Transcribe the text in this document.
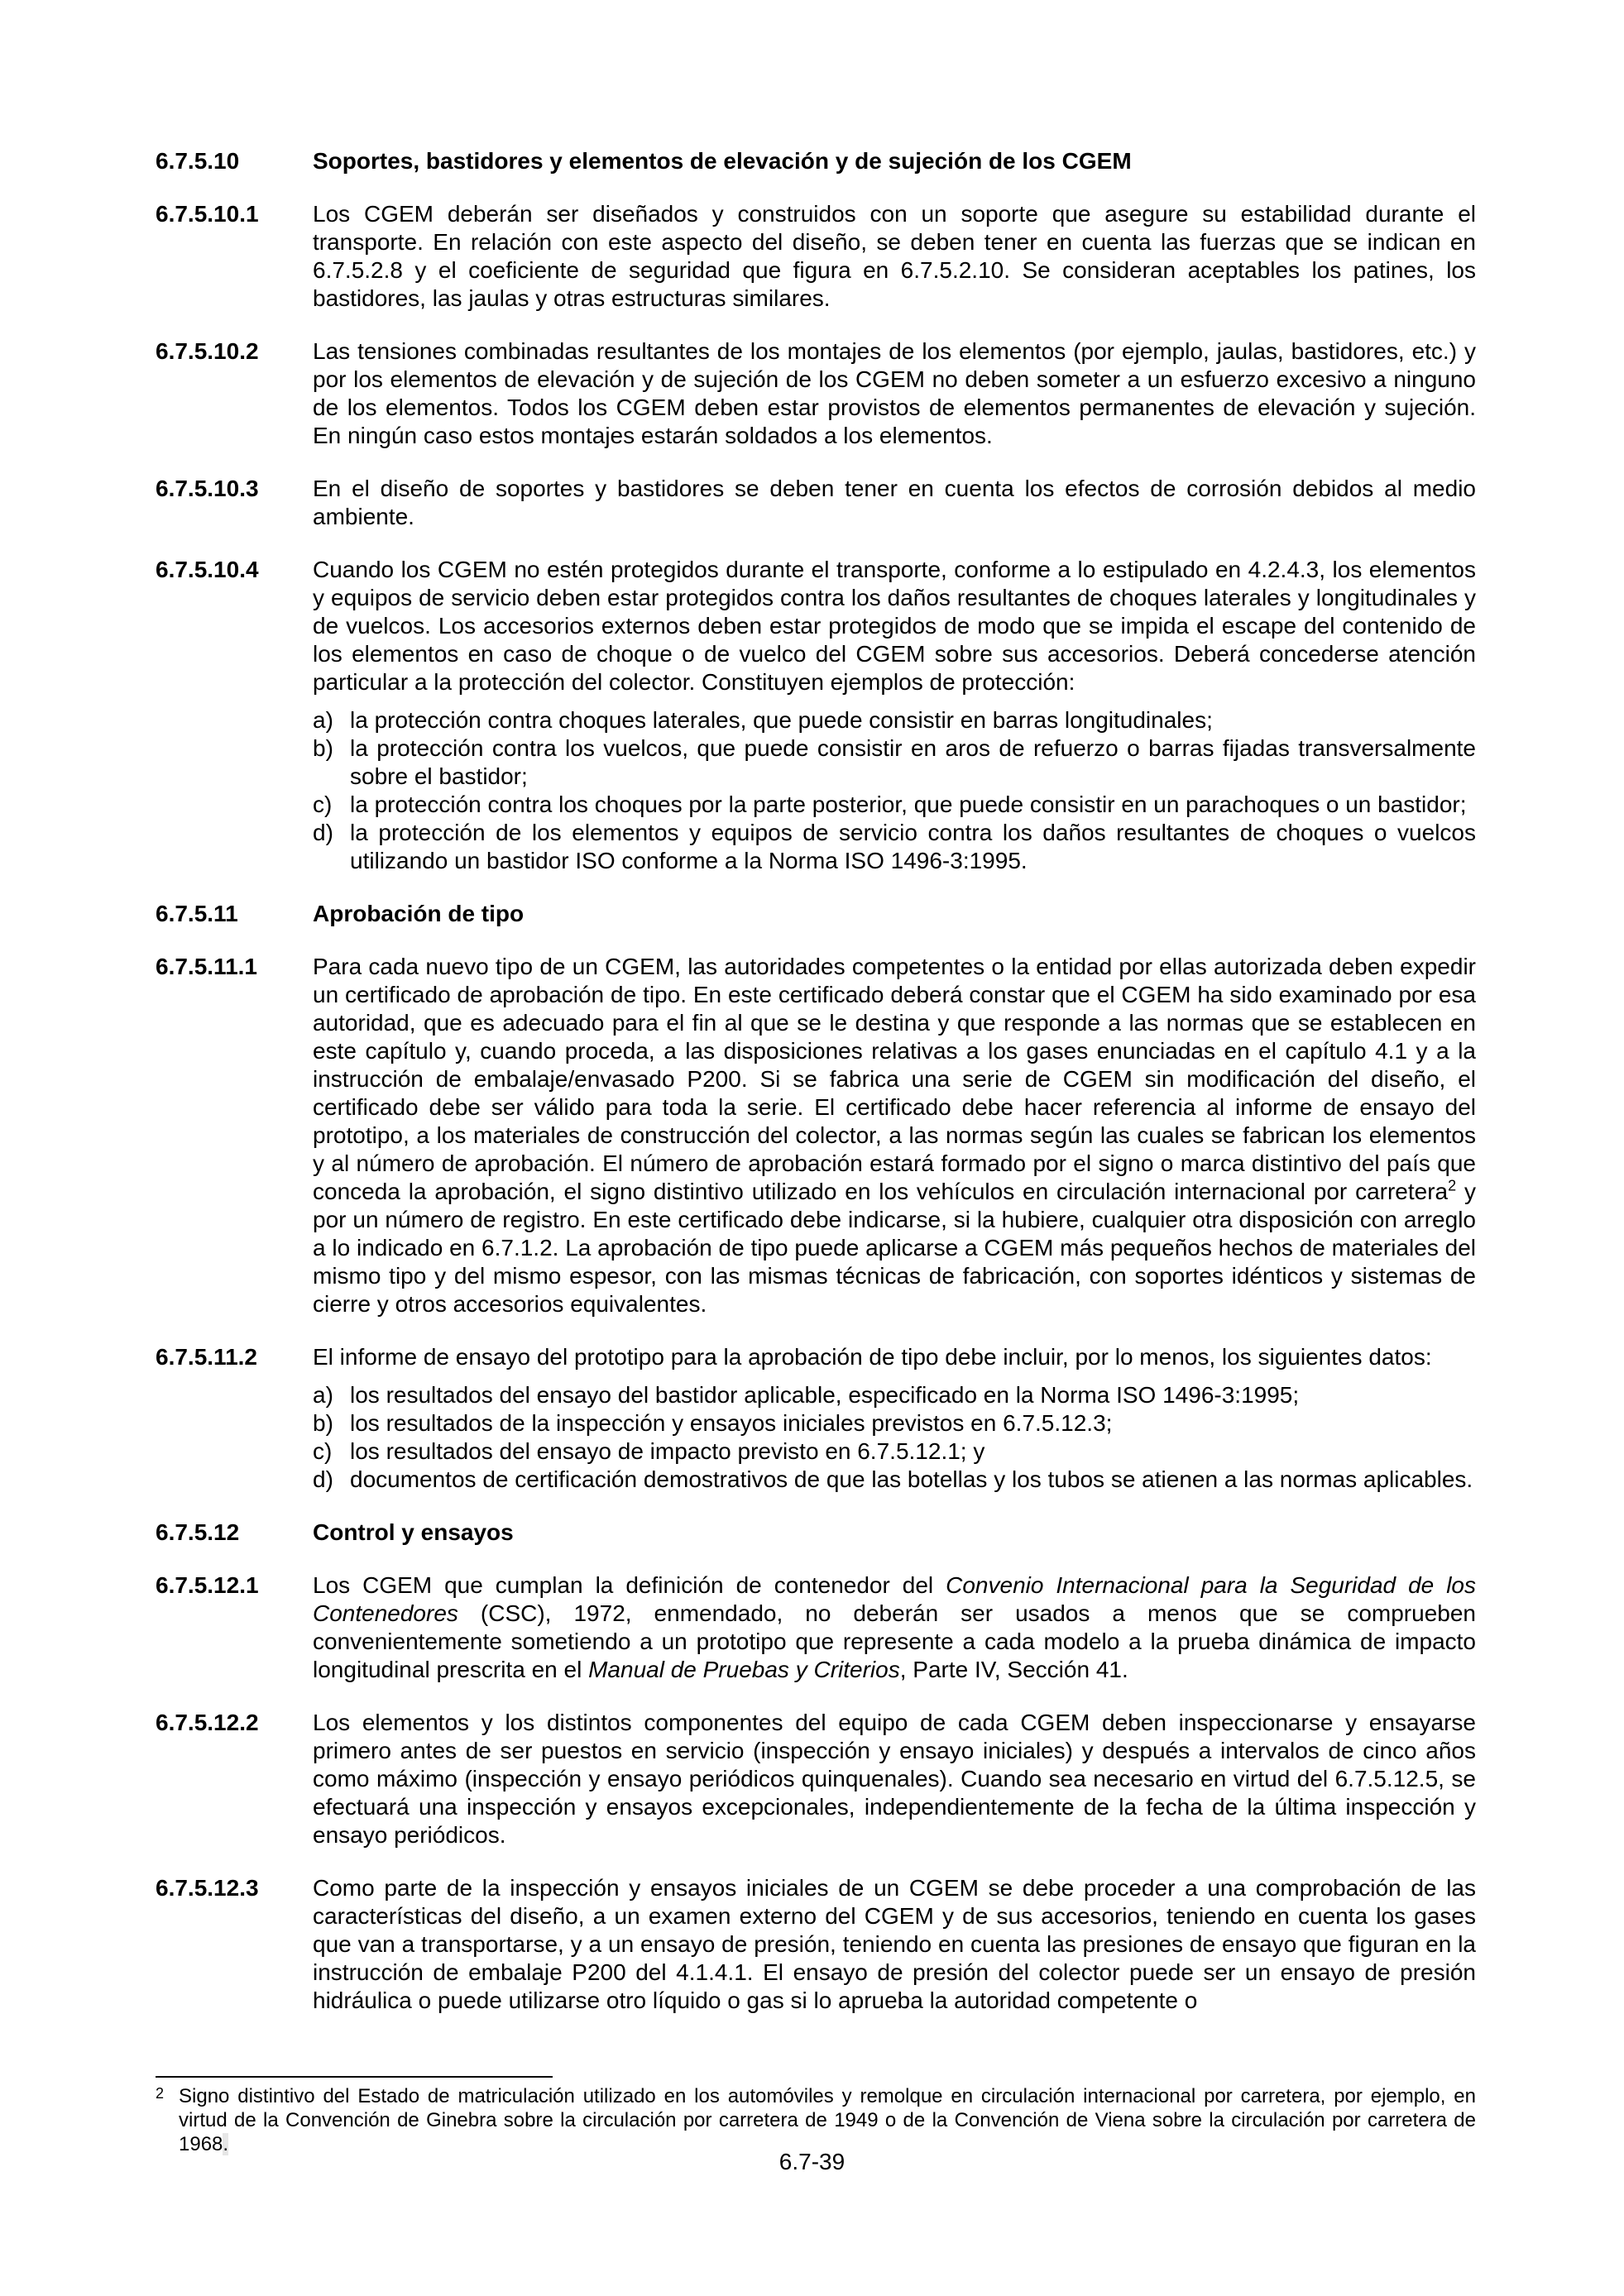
6.7.5.10	Soportes, bastidores y elementos de elevación y de sujeción de los CGEM
6.7.5.10.1	Los CGEM deberán ser diseñados y construidos con un soporte que asegure su estabilidad durante el transporte. En relación con este aspecto del diseño, se deben tener en cuenta las fuerzas que se indican en 6.7.5.2.8 y el coeficiente de seguridad que figura en 6.7.5.2.10. Se consideran aceptables los patines, los bastidores, las jaulas y otras estructuras similares.
6.7.5.10.2	Las tensiones combinadas resultantes de los montajes de los elementos (por ejemplo, jaulas, bastidores, etc.) y por los elementos de elevación y de sujeción de los CGEM no deben someter a un esfuerzo excesivo a ninguno de los elementos. Todos los CGEM deben estar provistos de elementos permanentes de elevación y sujeción. En ningún caso estos montajes estarán soldados a los elementos.
6.7.5.10.3	En el diseño de soportes y bastidores se deben tener en cuenta los efectos de corrosión debidos al medio ambiente.
6.7.5.10.4	Cuando los CGEM no estén protegidos durante el transporte, conforme a lo estipulado en 4.2.4.3, los elementos y equipos de servicio deben estar protegidos contra los daños resultantes de choques laterales y longitudinales y de vuelcos. Los accesorios externos deben estar protegidos de modo que se impida el escape del contenido de los elementos en caso de choque o de vuelco del CGEM sobre sus accesorios. Deberá concederse atención particular a la protección del colector. Constituyen ejemplos de protección:
a) la protección contra choques laterales, que puede consistir en barras longitudinales;
b) la protección contra los vuelcos, que puede consistir en aros de refuerzo o barras fijadas transversalmente sobre el bastidor;
c) la protección contra los choques por la parte posterior, que puede consistir en un parachoques o un bastidor;
d) la protección de los elementos y equipos de servicio contra los daños resultantes de choques o vuelcos utilizando un bastidor ISO conforme a la Norma ISO 1496-3:1995.
6.7.5.11	Aprobación de tipo
6.7.5.11.1	Para cada nuevo tipo de un CGEM, las autoridades competentes o la entidad por ellas autorizada deben expedir un certificado de aprobación de tipo. En este certificado deberá constar que el CGEM ha sido examinado por esa autoridad, que es adecuado para el fin al que se le destina y que responde a las normas que se establecen en este capítulo y, cuando proceda, a las disposiciones relativas a los gases enunciadas en el capítulo 4.1 y a la instrucción de embalaje/envasado P200. Si se fabrica una serie de CGEM sin modificación del diseño, el certificado debe ser válido para toda la serie. El certificado debe hacer referencia al informe de ensayo del prototipo, a los materiales de construcción del colector, a las normas según las cuales se fabrican los elementos y al número de aprobación. El número de aprobación estará formado por el signo o marca distintivo del país que conceda la aprobación, el signo distintivo utilizado en los vehículos en circulación internacional por carretera$^2$ y por un número de registro. En este certificado debe indicarse, si la hubiere, cualquier otra disposición con arreglo a lo indicado en 6.7.1.2. La aprobación de tipo puede aplicarse a CGEM más pequeños hechos de materiales del mismo tipo y del mismo espesor, con las mismas técnicas de fabricación, con soportes idénticos y sistemas de cierre y otros accesorios equivalentes.
6.7.5.11.2	El informe de ensayo del prototipo para la aprobación de tipo debe incluir, por lo menos, los siguientes datos:
a) los resultados del ensayo del bastidor aplicable, especificado en la Norma ISO 1496-3:1995;
b) los resultados de la inspección y ensayos iniciales previstos en 6.7.5.12.3;
c) los resultados del ensayo de impacto previsto en 6.7.5.12.1; y
d) documentos de certificación demostrativos de que las botellas y los tubos se atienen a las normas aplicables.
6.7.5.12	Control y ensayos
6.7.5.12.1	Los CGEM que cumplan la definición de contenedor del Convenio Internacional para la Seguridad de los Contenedores (CSC), 1972, enmendado, no deberán ser usados a menos que se comprueben convenientemente sometiendo a un prototipo que represente a cada modelo a la prueba dinámica de impacto longitudinal prescrita en el Manual de Pruebas y Criterios, Parte IV, Sección 41.
6.7.5.12.2	Los elementos y los distintos componentes del equipo de cada CGEM deben inspeccionarse y ensayarse primero antes de ser puestos en servicio (inspección y ensayo iniciales) y después a intervalos de cinco años como máximo (inspección y ensayo periódicos quinquenales). Cuando sea necesario en virtud del 6.7.5.12.5, se efectuará una inspección y ensayos excepcionales, independientemente de la fecha de la última inspección y ensayo periódicos.
6.7.5.12.3	Como parte de la inspección y ensayos iniciales de un CGEM se debe proceder a una comprobación de las características del diseño, a un examen externo del CGEM y de sus accesorios, teniendo en cuenta los gases que van a transportarse, y a un ensayo de presión, teniendo en cuenta las presiones de ensayo que figuran en la instrucción de embalaje P200 del 4.1.4.1. El ensayo de presión del colector puede ser un ensayo de presión hidráulica o puede utilizarse otro líquido o gas si lo aprueba la autoridad competente o
2 Signo distintivo del Estado de matriculación utilizado en los automóviles y remolque en circulación internacional por carretera, por ejemplo, en virtud de la Convención de Ginebra sobre la circulación por carretera de 1949 o de la Convención de Viena sobre la circulación por carretera de 1968.
6.7-39
